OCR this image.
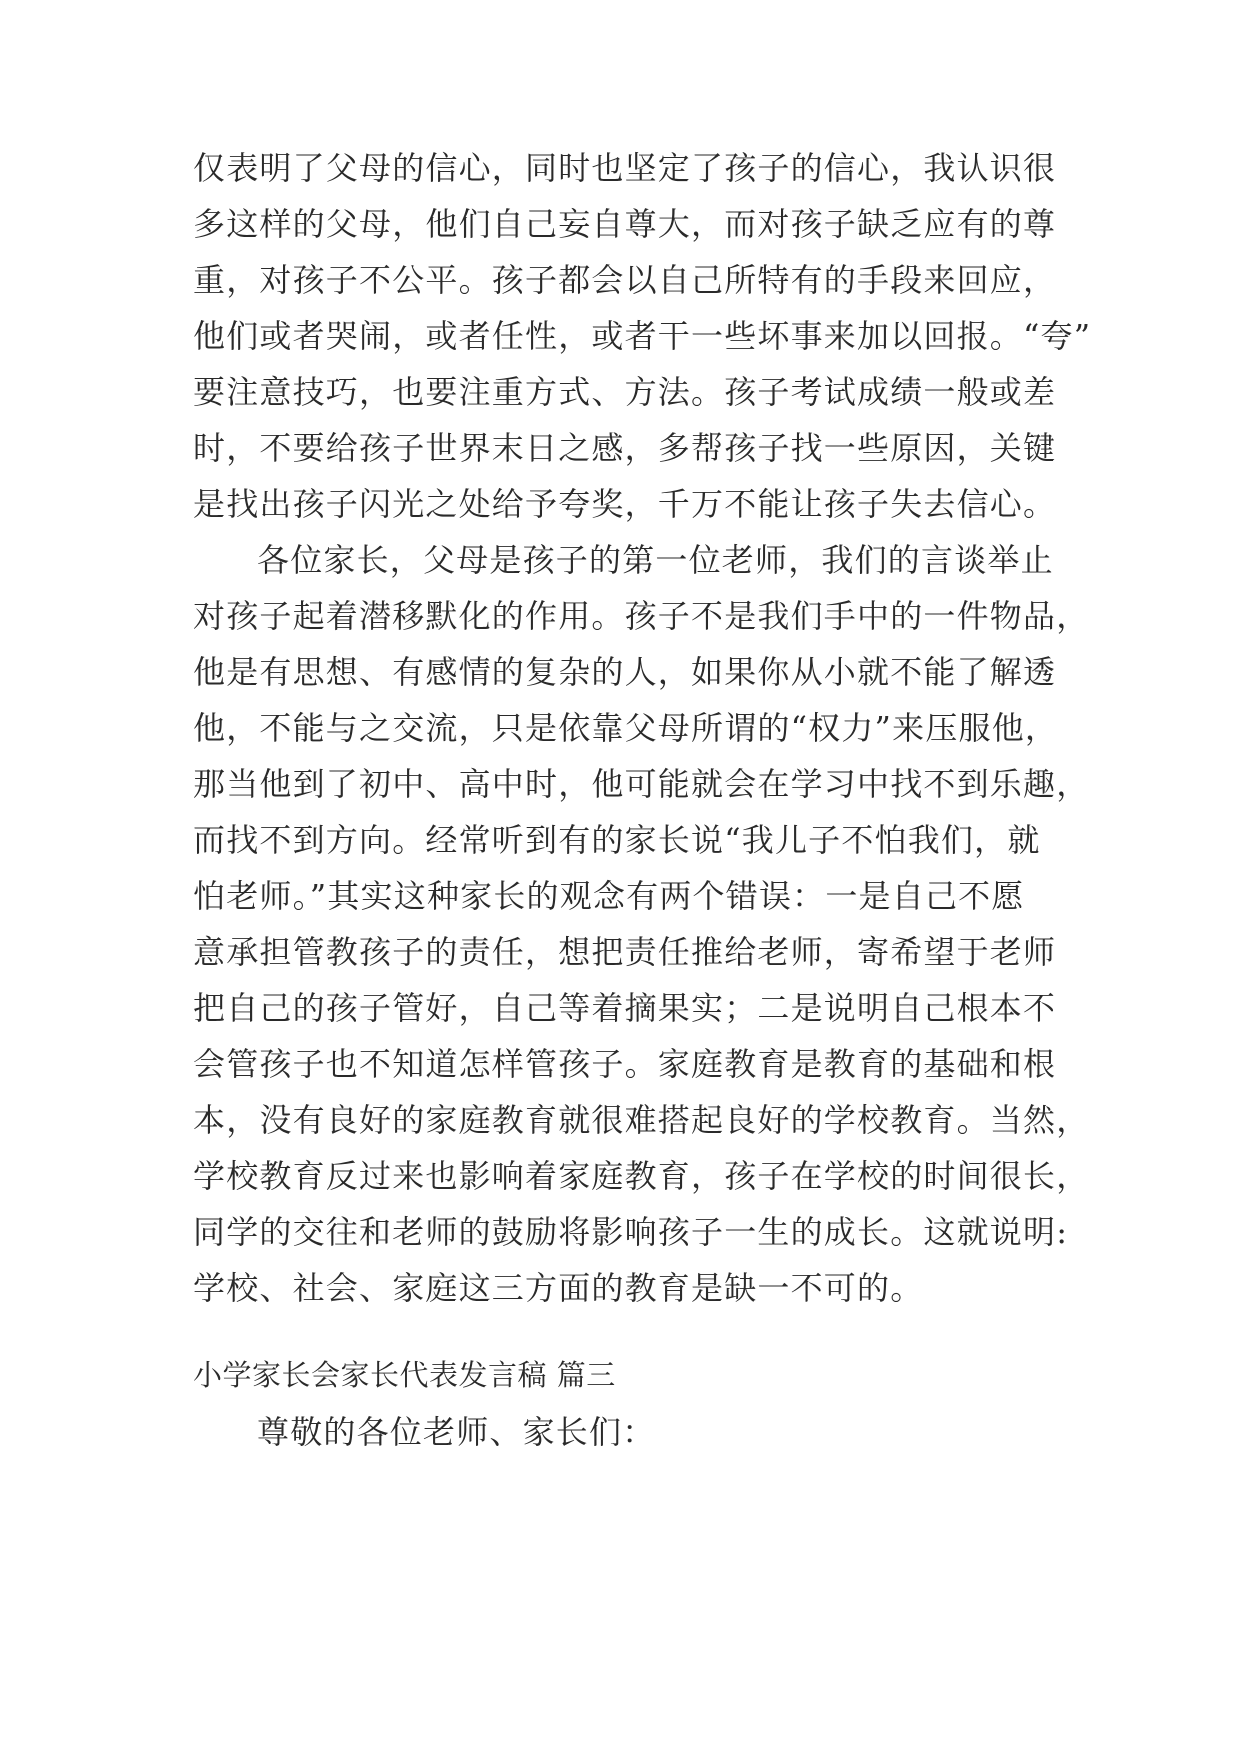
仅表明了父母的信心，同时也坚定了孩子的信心，我认识很
多这样的父母，他们自己妄自尊大，而对孩子缺乏应有的尊
重，对孩子不公平。孩子都会以自己所特有的手段来回应，
他们或者哭闹，或者任性，或者干一些坏事来加以回报。“夸”
要注意技巧，也要注重方式、方法。孩子考试成绩一般或差
时，不要给孩子世界末日之感，多帮孩子找一些原因，关键
是找出孩子闪光之处给予夸奖，千万不能让孩子失去信心。
各位家长，父母是孩子的第一位老师，我们的言谈举止
对孩子起着潜移默化的作用。孩子不是我们手中的一件物品，
他是有思想、有感情的复杂的人，如果你从小就不能了解透
他，不能与之交流，只是依靠父母所谓的“权力”来压服他，
那当他到了初中、高中时，他可能就会在学习中找不到乐趣，
而找不到方向。经常听到有的家长说“我儿子不怕我们，就
怕老师。”其实这种家长的观念有两个错误：一是自己不愿
意承担管教孩子的责任，想把责任推给老师，寄希望于老师
把自己的孩子管好，自己等着摘果实；二是说明自己根本不
会管孩子也不知道怎样管孩子。家庭教育是教育的基础和根
本，没有良好的家庭教育就很难搭起良好的学校教育。当然，
学校教育反过来也影响着家庭教育，孩子在学校的时间很长，
同学的交往和老师的鼓励将影响孩子一生的成长。这就说明:
学校、社会、家庭这三方面的教育是缺一不可的。
小学家长会家长代表发言稿 篇三
尊敬的各位老师、家长们：
